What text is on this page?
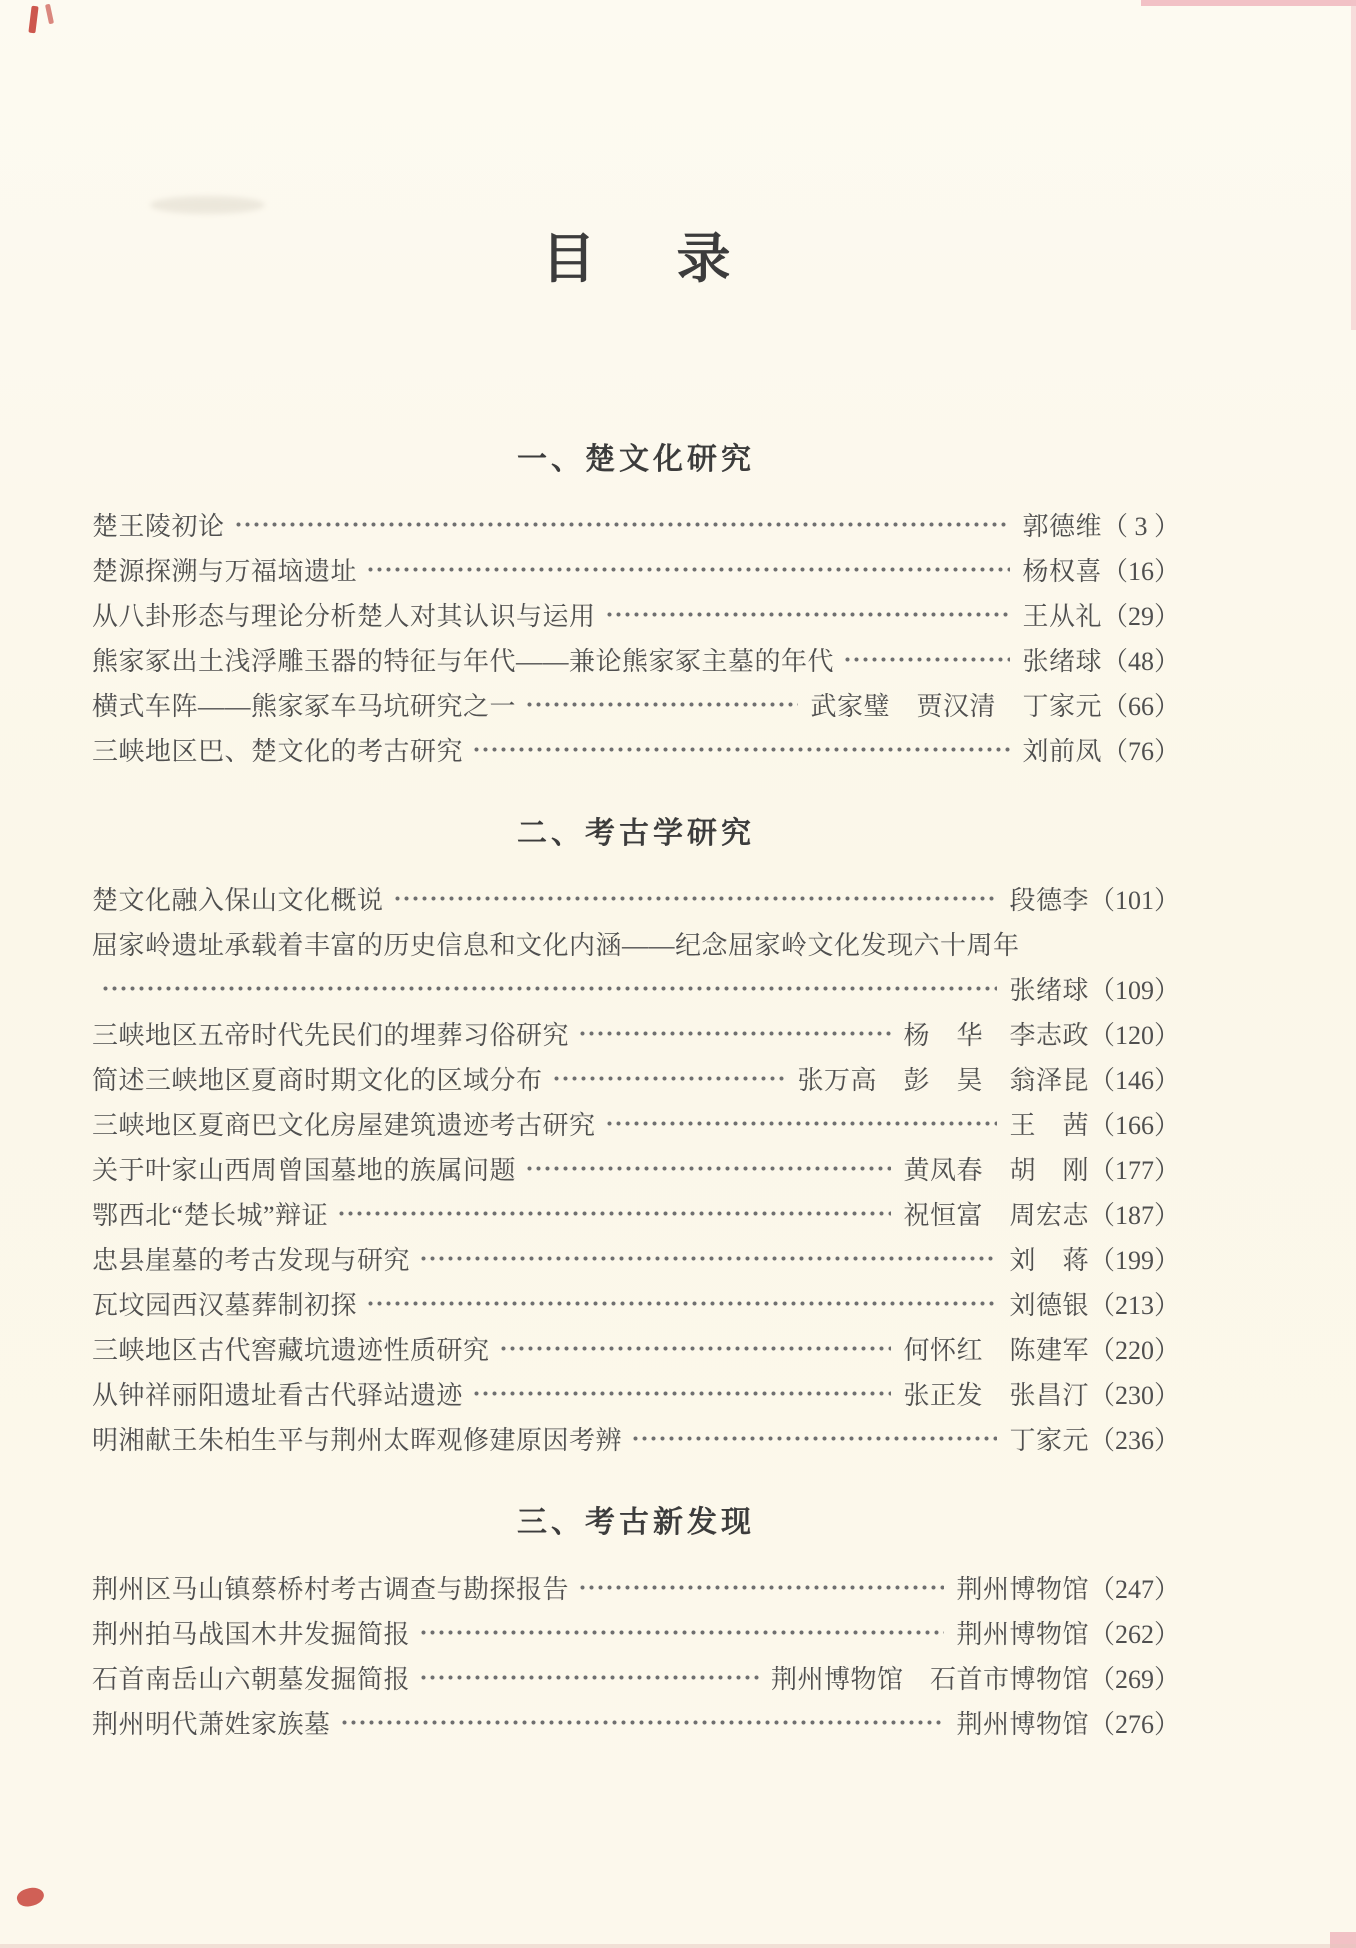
目　录
一、楚文化研究
楚王陵初论	郭德维 （ 3 ）
楚源探溯与万福垴遗址	杨权喜 （16）
从八卦形态与理论分析楚人对其认识与运用	王从礼 （29）
熊家冢出土浅浮雕玉器的特征与年代——兼论熊家冢主墓的年代	张绪球 （48）
横式车阵——熊家冢车马坑研究之一	武家璧　贾汉清　丁家元 （66）
三峡地区巴、楚文化的考古研究	刘前凤 （76）
二、考古学研究
楚文化融入保山文化概说	段德李 （101）
屈家岭遗址承载着丰富的历史信息和文化内涵——纪念屈家岭文化发现六十周年
张绪球 （109）
三峡地区五帝时代先民们的埋葬习俗研究	杨　华　李志政 （120）
简述三峡地区夏商时期文化的区域分布	张万高　彭　昊　翁泽昆 （146）
三峡地区夏商巴文化房屋建筑遗迹考古研究	王　茜 （166）
关于叶家山西周曾国墓地的族属问题	黄凤春　胡　刚 （177）
鄂西北“楚长城”辩证	祝恒富　周宏志 （187）
忠县崖墓的考古发现与研究	刘　蒋 （199）
瓦坟园西汉墓葬制初探	刘德银 （213）
三峡地区古代窖藏坑遗迹性质研究	何怀红　陈建军 （220）
从钟祥丽阳遗址看古代驿站遗迹	张正发　张昌汀 （230）
明湘献王朱柏生平与荆州太晖观修建原因考辨	丁家元 （236）
三、考古新发现
荆州区马山镇蔡桥村考古调查与勘探报告	荆州博物馆 （247）
荆州拍马战国木井发掘简报	荆州博物馆 （262）
石首南岳山六朝墓发掘简报	荆州博物馆　石首市博物馆 （269）
荆州明代萧姓家族墓	荆州博物馆 （276）
